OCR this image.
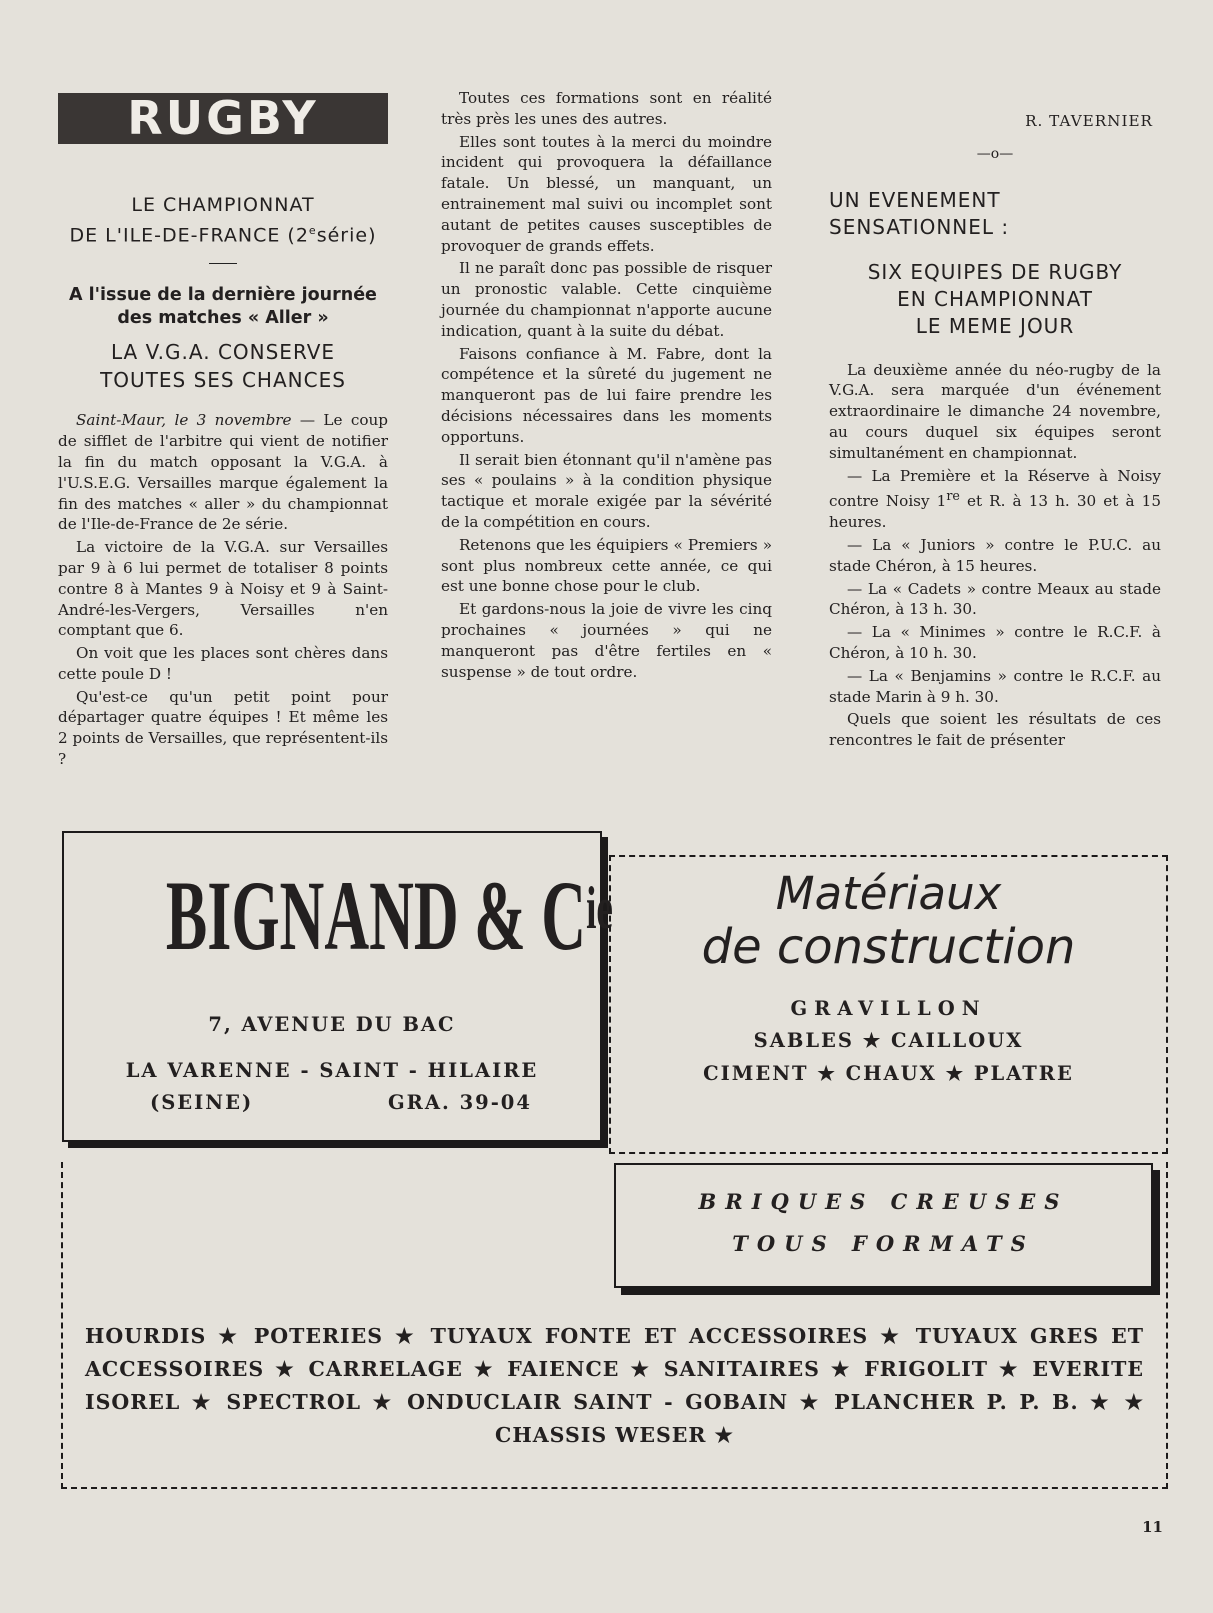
RUGBY
LE CHAMPIONNAT
DE L'ILE-DE-FRANCE (2esérie)
A l'issue de la dernière journée
des matches « Aller »
LA V.G.A. CONSERVE
TOUTES SES CHANCES

Saint-Maur, le 3 novembre — Le coup de sifflet de l'arbitre qui vient de notifier la fin du match opposant la V.G.A. à l'U.S.E.G. Versailles marque également la fin des matches « aller » du championnat de l'Ile-de-France de 2e série.

La victoire de la V.G.A. sur Versailles par 9 à 6 lui permet de totaliser 8 points contre 8 à Mantes 9 à Noisy et 9 à Saint-André-les-Vergers, Versailles n'en comptant que 6.

On voit que les places sont chères dans cette poule D !

Qu'est-ce qu'un petit point pour départager quatre équipes ! Et même les 2 points de Versailles, que représentent-ils ?

Toutes ces formations sont en réalité très près les unes des autres.

Elles sont toutes à la merci du moindre incident qui provoquera la défaillance fatale. Un blessé, un manquant, un entrainement mal suivi ou incomplet sont autant de petites causes susceptibles de provoquer de grands effets.

Il ne paraît donc pas possible de risquer un pronostic valable. Cette cinquième journée du championnat n'apporte aucune indication, quant à la suite du débat.

Faisons confiance à M. Fabre, dont la compétence et la sûreté du jugement ne manqueront pas de lui faire prendre les décisions nécessaires dans les moments opportuns.

Il serait bien étonnant qu'il n'amène pas ses « poulains » à la condition physique tactique et morale exigée par la sévérité de la compétition en cours.

Retenons que les équipiers « Premiers » sont plus nombreux cette année, ce qui est une bonne chose pour le club.

Et gardons-nous la joie de vivre les cinq prochaines « journées » qui ne manqueront pas d'être fertiles en « suspense » de tout ordre.

R. TAVERNIER
—o—
UN EVENEMENT
SENSATIONNEL :
SIX EQUIPES DE RUGBY
EN CHAMPIONNAT
LE MEME JOUR

La deuxième année du néo-rugby de la V.G.A. sera marquée d'un événement extraordinaire le dimanche 24 novembre, au cours duquel six équipes seront simultanément en championnat.

— La Première et la Réserve à Noisy contre Noisy 1re et R. à 13 h. 30 et à 15 heures.

— La « Juniors » contre le P.U.C. au stade Chéron, à 15 heures.

— La « Cadets » contre Meaux au stade Chéron, à 13 h. 30.

— La « Minimes » contre le R.C.F. à Chéron, à 10 h. 30.

— La « Benjamins » contre le R.C.F. au stade Marin à 9 h. 30.

Quels que soient les résultats de ces rencontres le fait de présenter

HOURDIS ★ POTERIES ★ TUYAUX FONTE ET ACCESSOIRES ★ TUYAUX GRES ET ACCESSOIRES ★ CARRELAGE ★ FAIENCE ★ SANITAIRES ★ FRIGOLIT ★ EVERITE ISOREL ★ SPECTROL ★ ONDUCLAIR SAINT - GOBAIN ★ PLANCHER P. P. B. ★ ★ CHASSIS WESER ★
BIGNAND & $C^{ie}$
7, AVENUE DU BAC
LA VARENNE - SAINT - HILAIRE
(SEINE)	GRA. 39-04
Matériaux
de construction
GRAVILLON
SABLES ★ CAILLOUX
CIMENT ★ CHAUX ★ PLATRE
BRIQUES CREUSES
TOUS FORMATS
11
